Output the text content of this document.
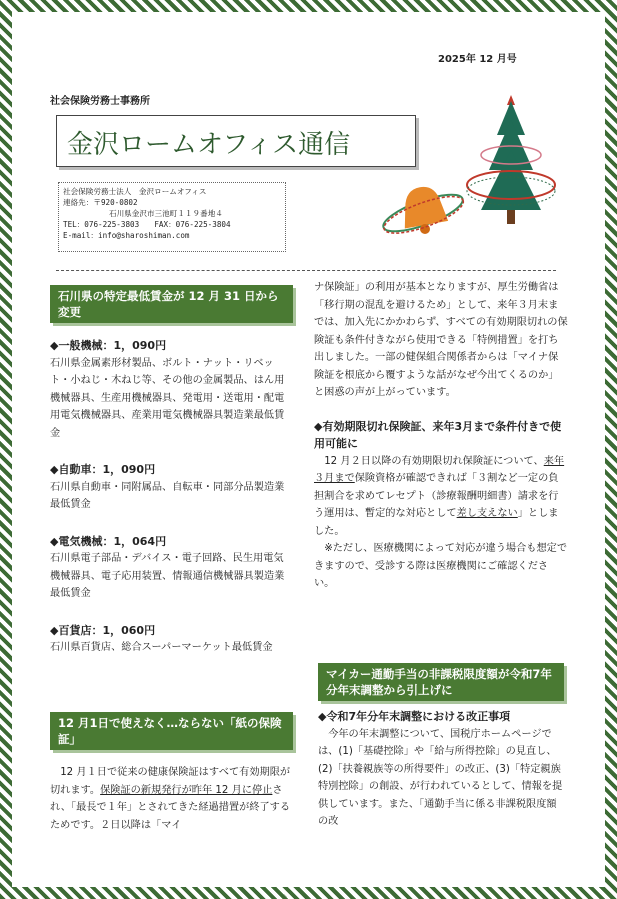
2025年 12 月号
社会保険労務士事務所
金沢ロームオフィス通信
社会保険労務士法人　金沢ロームオフィス
連絡先：〒920-0802
石川県金沢市三池町１１９番地４
TEL：076-225-3803　　FAX：076-225-3804
E-mail：info@sharoshiman.com
石川県の特定最低賃金が 12 月 31 日から変更

◆一般機械：1，090円

石川県金属素形材製品、ボルト・ナット・リベット・小ねじ・木ねじ等、その他の金属製品、はん用機械器具、生産用機械器具、発電用・送電用・配電用電気機械器具、産業用電気機械器具製造業最低賃金

◆自動車：1，090円

石川県自動車・同附属品、自転車・同部分品製造業最低賃金

◆電気機械：1，064円

石川県電子部品・デバイス・電子回路、民生用電気機械器具、電子応用装置、情報通信機械器具製造業最低賃金

◆百貨店：1，060円

石川県百貨店、総合スーパーマーケット最低賃金

12 月1日で使えなく…ならない「紙の保険証」

12 月１日で従来の健康保険証はすべて有効期限が切れます。保険証の新規発行が昨年 12 月に停止され、「最長で１年」とされてきた経過措置が終了するためです。２日以降は「マイ

ナ保険証」の利用が基本となりますが、厚生労働省は「移行期の混乱を避けるため」として、来年３月末までは、加入先にかかわらず、すべての有効期限切れの保険証も条件付きながら使用できる「特例措置」を打ち出しました。一部の健保組合関係者からは「マイナ保険証を根底から覆すような話がなぜ今出てくるのか」と困惑の声が上がっています。

◆有効期限切れ保険証、来年3月まで条件付きで使用可能に

12 月２日以降の有効期限切れ保険証について、来年３月まで保険資格が確認できれば「３割など一定の負担割合を求めてレセプト（診療報酬明細書）請求を行う運用は、暫定的な対応として差し支えない」としました。

※ただし、医療機関によって対応が違う場合も想定できますので、受診する際は医療機関にご確認ください。

マイカー通勤手当の非課税限度額が令和7年分年末調整から引上げに

◆令和7年分年末調整における改正事項

今年の年末調整について、国税庁ホームページでは、(1)「基礎控除」や「給与所得控除」の見直し、(2)「扶養親族等の所得要件」の改正、(3)「特定親族特別控除」の創設、が行われているとして、情報を提供しています。また、「通勤手当に係る非課税限度額の改
